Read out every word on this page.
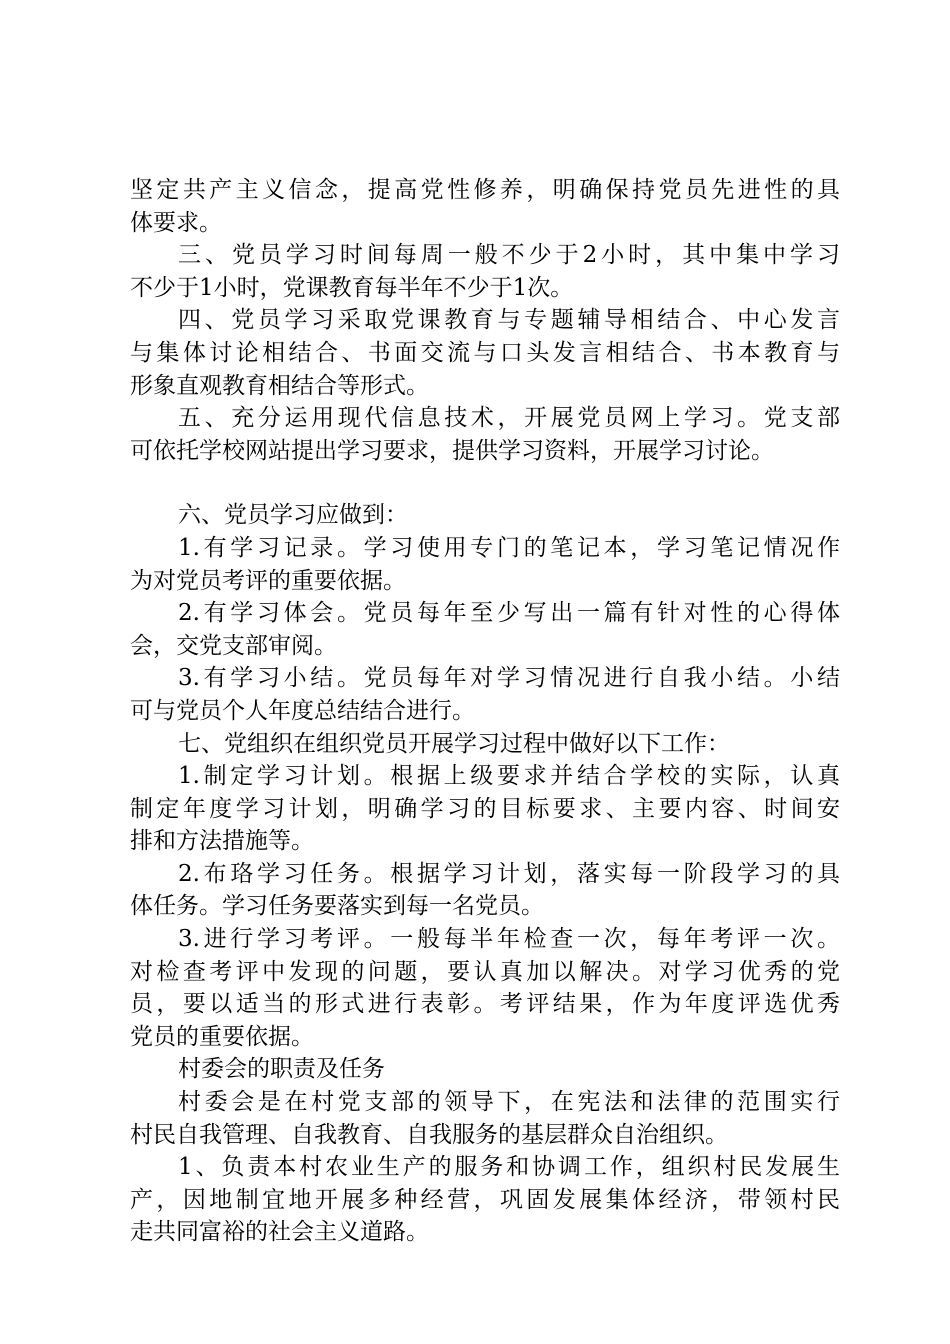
坚定共产主义信念，提高党性修养，明确保持党员先进性的具
体要求。
三、党员学习时间每周一般不少于2小时，其中集中学习
不少于1小时，党课教育每半年不少于1次。
四、党员学习采取党课教育与专题辅导相结合、中心发言
与集体讨论相结合、书面交流与口头发言相结合、书本教育与
形象直观教育相结合等形式。
五、充分运用现代信息技术，开展党员网上学习。党支部
可依托学校网站提出学习要求，提供学习资料，开展学习讨论。
六、党员学习应做到：
1.有学习记录。学习使用专门的笔记本，学习笔记情况作
为对党员考评的重要依据。
2.有学习体会。党员每年至少写出一篇有针对性的心得体
会，交党支部审阅。
3.有学习小结。党员每年对学习情况进行自我小结。小结
可与党员个人年度总结结合进行。
七、党组织在组织党员开展学习过程中做好以下工作：
1.制定学习计划。根据上级要求并结合学校的实际，认真
制定年度学习计划，明确学习的目标要求、主要内容、时间安
排和方法措施等。
2.布珞学习任务。根据学习计划，落实每一阶段学习的具
体任务。学习任务要落实到每一名党员。
3.进行学习考评。一般每半年检查一次，每年考评一次。
对检查考评中发现的问题，要认真加以解决。对学习优秀的党
员，要以适当的形式进行表彰。考评结果，作为年度评选优秀
党员的重要依据。
村委会的职责及任务
村委会是在村党支部的领导下，在宪法和法律的范围实行
村民自我管理、自我教育、自我服务的基层群众自治组织。
1、负责本村农业生产的服务和协调工作，组织村民发展生
产，因地制宜地开展多种经营，巩固发展集体经济，带领村民
走共同富裕的社会主义道路。
